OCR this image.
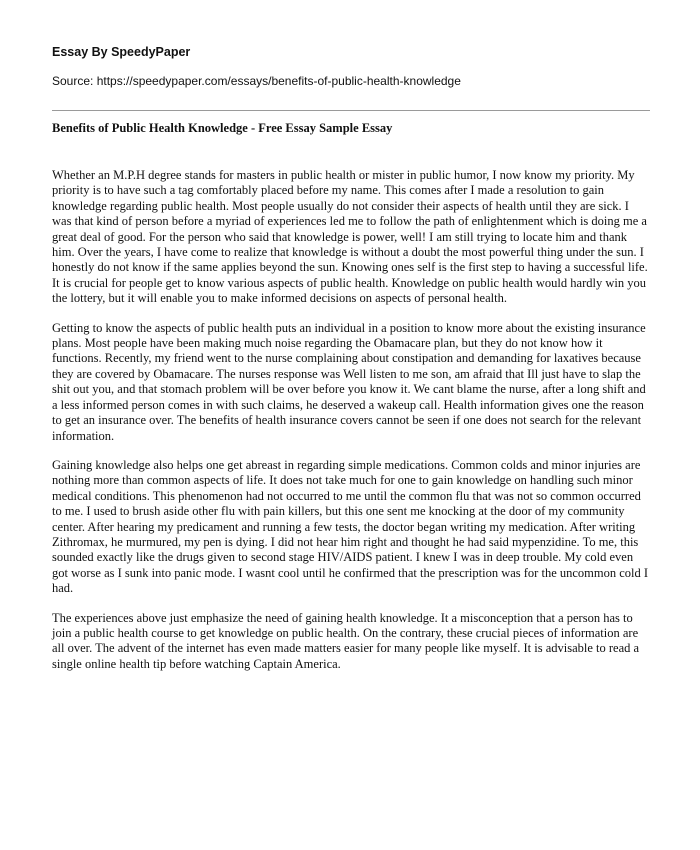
Essay By SpeedyPaper
Source: https://speedypaper.com/essays/benefits-of-public-health-knowledge
Benefits of Public Health Knowledge - Free Essay Sample Essay

Whether an M.P.H degree stands for masters in public health or mister in public humor, I now know my priority. My priority is to have such a tag comfortably placed before my name. This comes after I made a resolution to gain knowledge regarding public health. Most people usually do not consider their aspects of health until they are sick. I was that kind of person before a myriad of experiences led me to follow the path of enlightenment which is doing me a great deal of good. For the person who said that knowledge is power, well! I am still trying to locate him and thank him. Over the years, I have come to realize that knowledge is without a doubt the most powerful thing under the sun. I honestly do not know if the same applies beyond the sun. Knowing ones self is the first step to having a successful life. It is crucial for people get to know various aspects of public health. Knowledge on public health would hardly win you the lottery, but it will enable you to make informed decisions on aspects of personal health.

Getting to know the aspects of public health puts an individual in a position to know more about the existing insurance plans. Most people have been making much noise regarding the Obamacare plan, but they do not know how it functions. Recently, my friend went to the nurse complaining about constipation and demanding for laxatives because they are covered by Obamacare. The nurses response was Well listen to me son, am afraid that Ill just have to slap the shit out you, and that stomach problem will be over before you know it. We cant blame the nurse, after a long shift and a less informed person comes in with such claims, he deserved a wakeup call. Health information gives one the reason to get an insurance over. The benefits of health insurance covers cannot be seen if one does not search for the relevant information.

Gaining knowledge also helps one get abreast in regarding simple medications. Common colds and minor injuries are nothing more than common aspects of life. It does not take much for one to gain knowledge on handling such minor medical conditions. This phenomenon had not occurred to me until the common flu that was not so common occurred to me. I used to brush aside other flu with pain killers, but this one sent me knocking at the door of my community center. After hearing my predicament and running a few tests, the doctor began writing my medication. After writing Zithromax, he murmured, my pen is dying. I did not hear him right and thought he had said mypenzidine. To me, this sounded exactly like the drugs given to second stage HIV/AIDS patient. I knew I was in deep trouble. My cold even got worse as I sunk into panic mode. I wasnt cool until he confirmed that the prescription was for the uncommon cold I had.

The experiences above just emphasize the need of gaining health knowledge. It a misconception that a person has to join a public health course to get knowledge on public health. On the contrary, these crucial pieces of information are all over. The advent of the internet has even made matters easier for many people like myself. It is advisable to read a single online health tip before watching Captain America.
